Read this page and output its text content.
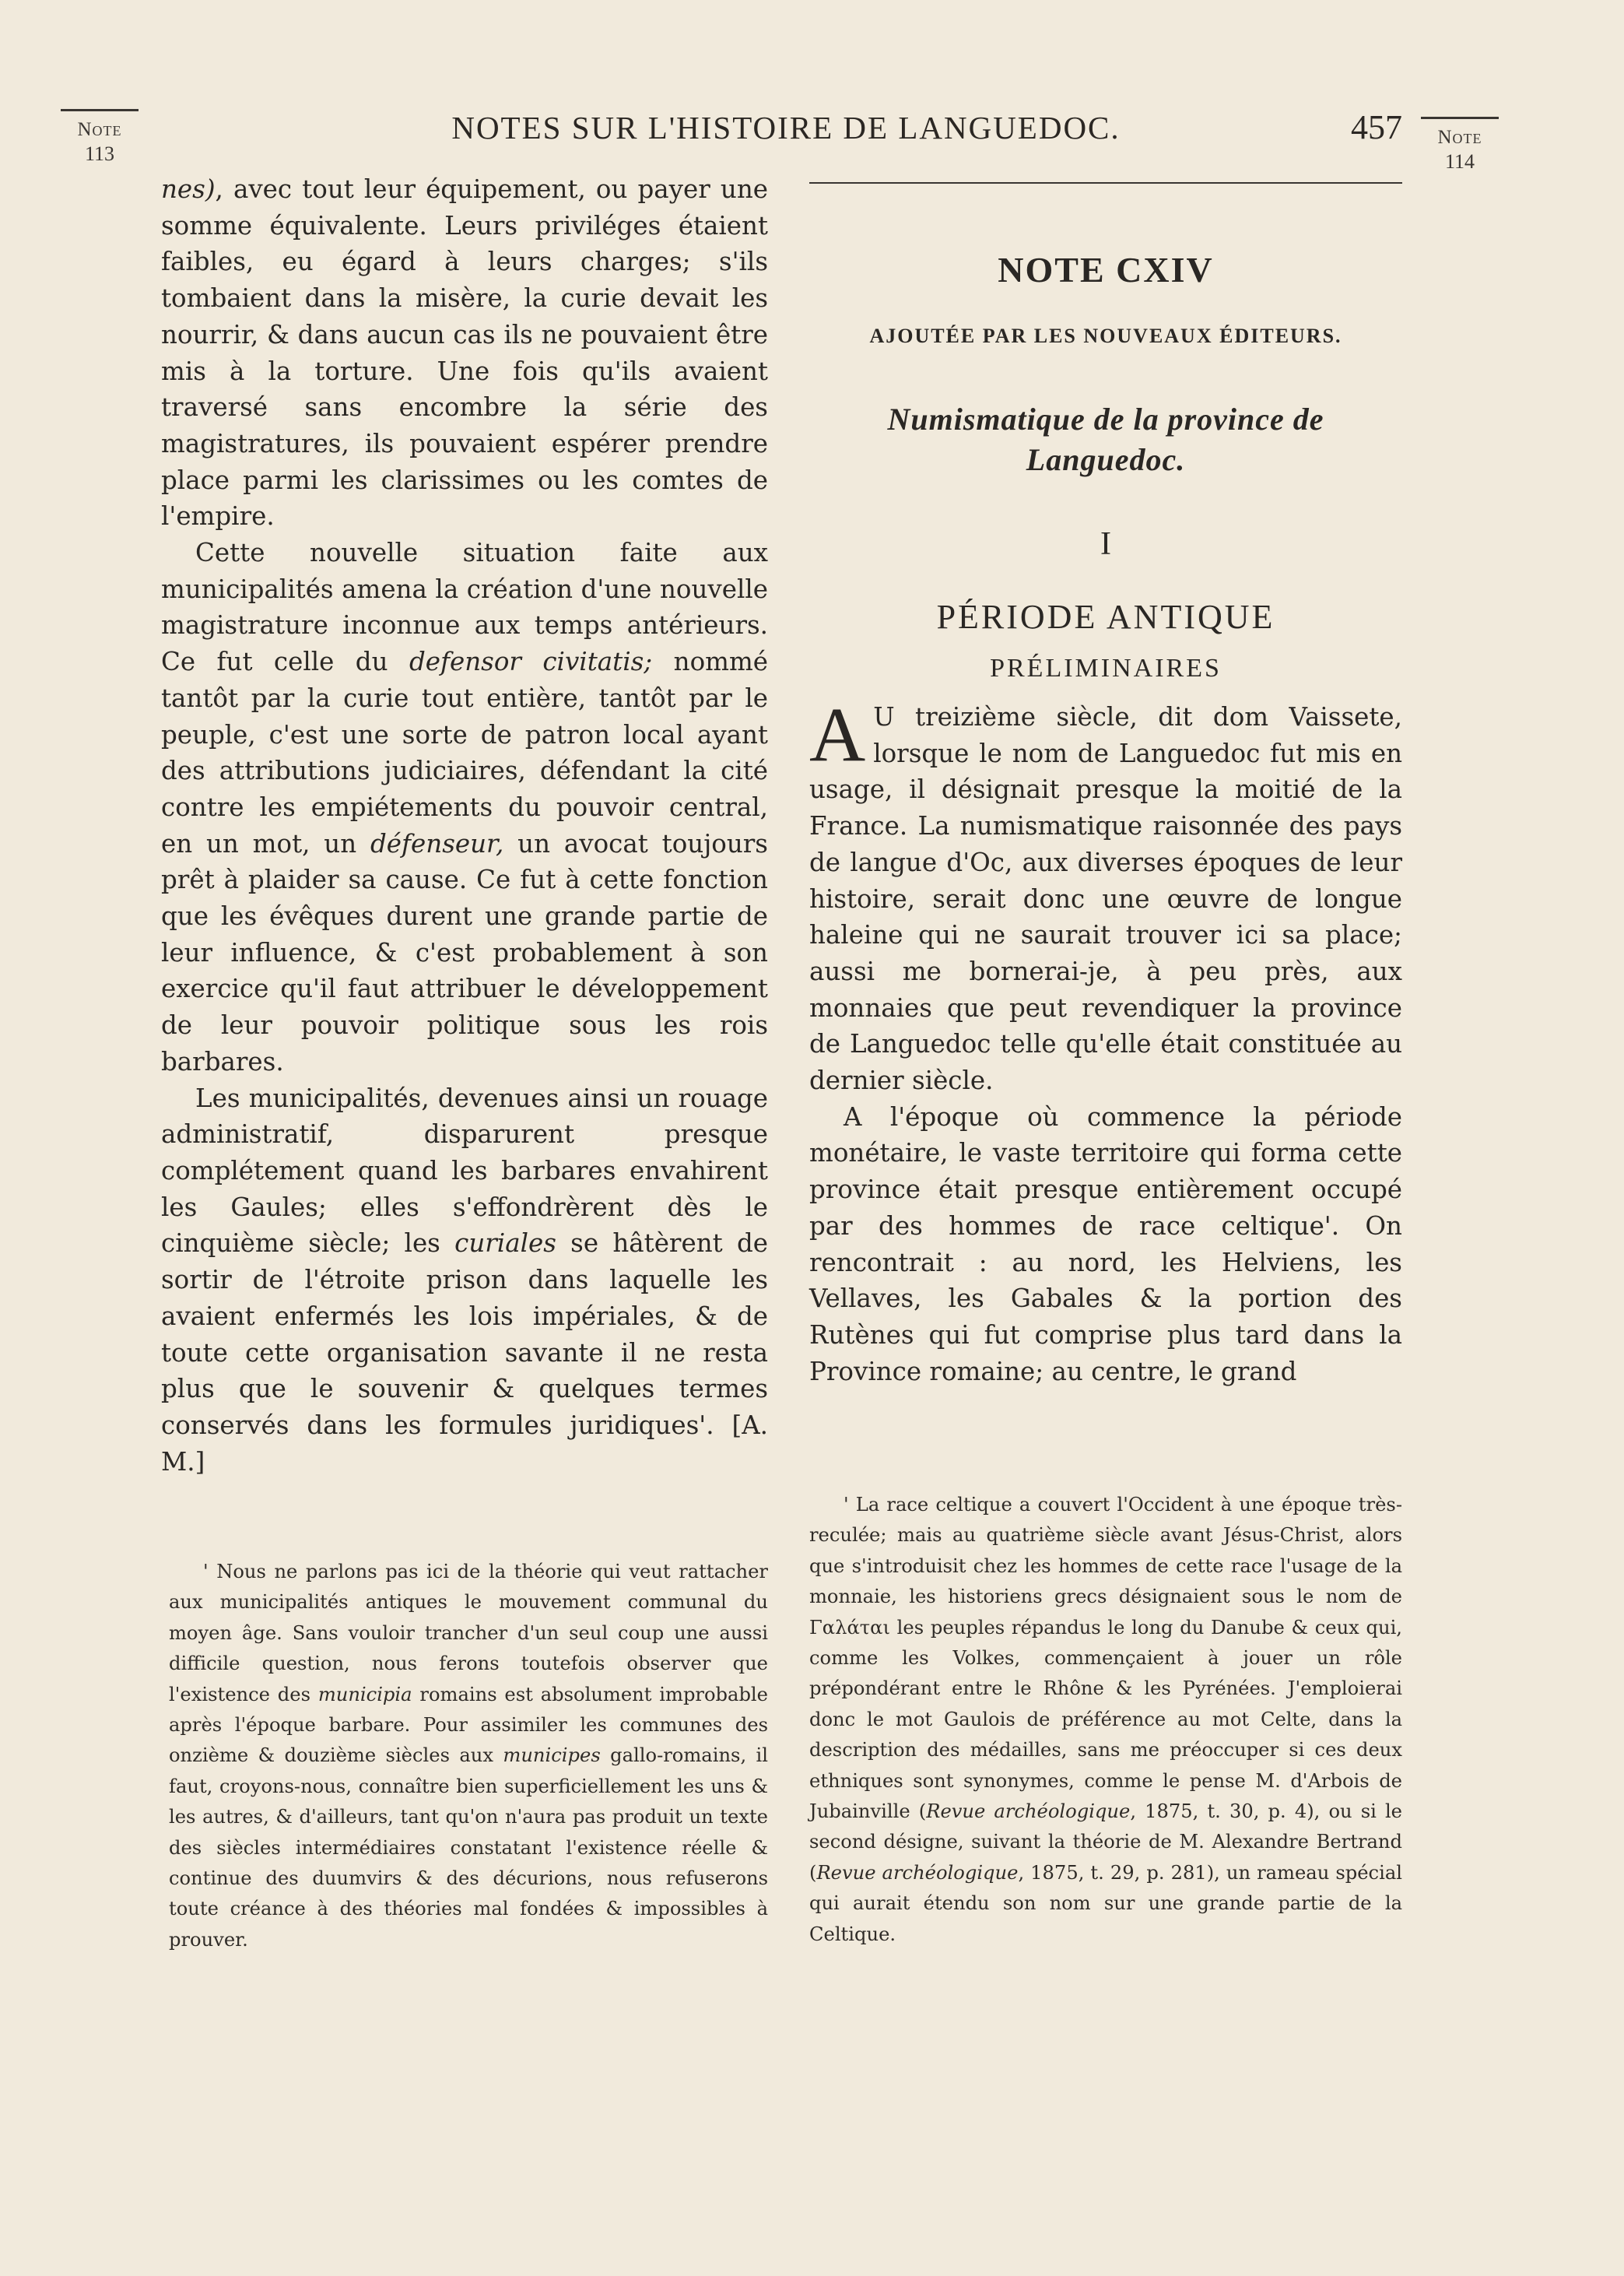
Note
113
Note
114
NOTES SUR L'HISTOIRE DE LANGUEDOC.	457

nes), avec tout leur équipement, ou payer une somme équivalente. Leurs priviléges étaient faibles, eu égard à leurs charges; s'ils tombaient dans la misère, la curie devait les nourrir, & dans aucun cas ils ne pouvaient être mis à la torture. Une fois qu'ils avaient traversé sans encombre la série des magistratures, ils pouvaient espérer prendre place parmi les clarissimes ou les comtes de l'empire.

Cette nouvelle situation faite aux municipalités amena la création d'une nouvelle magistrature inconnue aux temps antérieurs. Ce fut celle du defensor civitatis; nommé tantôt par la curie tout entière, tantôt par le peuple, c'est une sorte de patron local ayant des attributions judiciaires, défendant la cité contre les empiétements du pouvoir central, en un mot, un défenseur, un avocat toujours prêt à plaider sa cause. Ce fut à cette fonction que les évêques durent une grande partie de leur influence, & c'est probablement à son exercice qu'il faut attribuer le développement de leur pouvoir politique sous les rois barbares.

Les municipalités, devenues ainsi un rouage administratif, disparurent presque complétement quand les barbares envahirent les Gaules; elles s'effondrèrent dès le cinquième siècle; les curiales se hâtèrent de sortir de l'étroite prison dans laquelle les avaient enfermés les lois impériales, & de toute cette organisation savante il ne resta plus que le souvenir & quelques termes conservés dans les formules juridiques'. [A. M.]

' Nous ne parlons pas ici de la théorie qui veut rattacher aux municipalités antiques le mouvement communal du moyen âge. Sans vouloir trancher d'un seul coup une aussi difficile question, nous ferons toutefois observer que l'existence des municipia romains est absolument improbable après l'époque barbare. Pour assimiler les communes des onzième & douzième siècles aux municipes gallo-romains, il faut, croyons-nous, connaître bien superficiellement les uns & les autres, & d'ailleurs, tant qu'on n'aura pas produit un texte des siècles intermédiaires constatant l'existence réelle & continue des duumvirs & des décurions, nous refuserons toute créance à des théories mal fondées & impossibles à prouver.

NOTE CXIV
AJOUTÉE PAR LES NOUVEAUX ÉDITEURS.
Numismatique de la province de
Languedoc.
I
PÉRIODE ANTIQUE
PRÉLIMINAIRES

A U treizième siècle, dit dom Vaissete, lorsque le nom de Languedoc fut mis en usage, il désignait presque la moitié de la France. La numismatique raisonnée des pays de langue d'Oc, aux diverses époques de leur histoire, serait donc une œuvre de longue haleine qui ne saurait trouver ici sa place; aussi me bornerai-je, à peu près, aux monnaies que peut revendiquer la province de Languedoc telle qu'elle était constituée au dernier siècle.

A l'époque où commence la période monétaire, le vaste territoire qui forma cette province était presque entièrement occupé par des hommes de race celtique'. On rencontrait : au nord, les Helviens, les Vellaves, les Gabales & la portion des Rutènes qui fut comprise plus tard dans la Province romaine; au centre, le grand

' La race celtique a couvert l'Occident à une époque très-reculée; mais au quatrième siècle avant Jésus-Christ, alors que s'introduisit chez les hommes de cette race l'usage de la monnaie, les historiens grecs désignaient sous le nom de Γαλάται les peuples répandus le long du Danube & ceux qui, comme les Volkes, commençaient à jouer un rôle prépondérant entre le Rhône & les Pyrénées. J'emploierai donc le mot Gaulois de préférence au mot Celte, dans la description des médailles, sans me préoccuper si ces deux ethniques sont synonymes, comme le pense M. d'Arbois de Jubainville (Revue archéologique, 1875, t. 30, p. 4), ou si le second désigne, suivant la théorie de M. Alexandre Bertrand (Revue archéologique, 1875, t. 29, p. 281), un rameau spécial qui aurait étendu son nom sur une grande partie de la Celtique.
